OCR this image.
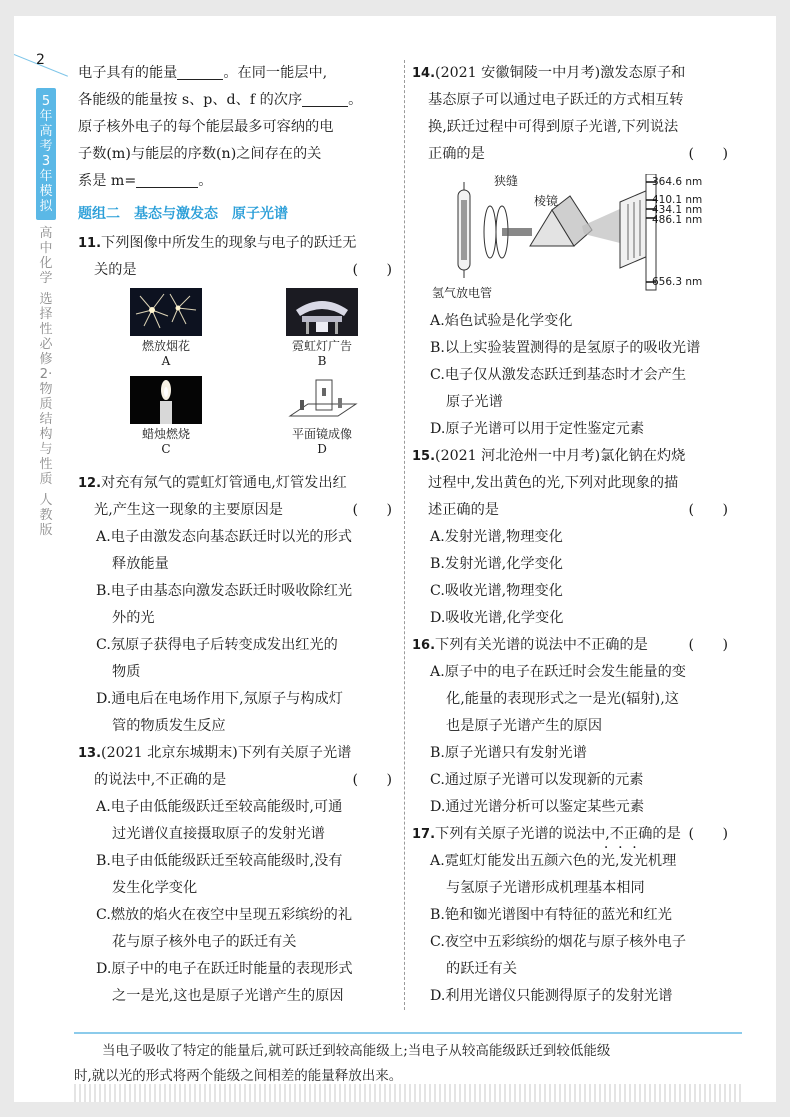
2
5年高考3年模拟
高中化学
选择性必修2·物质结构与性质
人教版

电子具有的能量	。在同一能层中,

各能级的能量按 s、p、d、f 的次序	。

原子核外电子的每个能层最多可容纳的电

子数(m)与能层的序数(n)之间存在的关

系是 m=	。

题组二　基态与激发态　原子光谱

11.下列图像中所发生的现象与电子的跃迁无

关的是	(　　)

燃放烟花
A
霓虹灯广告
B
蜡烛燃烧
C
平面镜成像
D

12.对充有氖气的霓虹灯管通电,灯管发出红

光,产生这一现象的主要原因是	(　　)

A.电子由激发态向基态跃迁时以光的形式

释放能量

B.电子由基态向激发态跃迁时吸收除红光

外的光

C.氖原子获得电子后转变成发出红光的

物质

D.通电后在电场作用下,氖原子与构成灯

管的物质发生反应

13.(2021 北京东城期末)下列有关原子光谱

的说法中,不正确的是	(　　)

A.电子由低能级跃迁至较高能级时,可通

过光谱仪直接摄取原子的发射光谱

B.电子由低能级跃迁至较高能级时,没有

发生化学变化

C.燃放的焰火在夜空中呈现五彩缤纷的礼

花与原子核外电子的跃迁有关

D.原子中的电子在跃迁时能量的表现形式

之一是光,这也是原子光谱产生的原因

14.(2021 安徽铜陵一中月考)激发态原子和

基态原子可以通过电子跃迁的方式相互转

换,跃迁过程中可得到原子光谱,下列说法

正确的是	(　　)

狭缝
棱镜
氢气放电管
364.6 nm
410.1 nm
434.1 nm
486.1 nm
656.3 nm

A.焰色试验是化学变化

B.以上实验装置测得的是氢原子的吸收光谱

C.电子仅从激发态跃迁到基态时才会产生

原子光谱

D.原子光谱可以用于定性鉴定元素

15.(2021 河北沧州一中月考)氯化钠在灼烧

过程中,发出黄色的光,下列对此现象的描

述正确的是	(　　)

A.发射光谱,物理变化

B.发射光谱,化学变化

C.吸收光谱,物理变化

D.吸收光谱,化学变化

16.下列有关光谱的说法中不正确的是	(　　)

A.原子中的电子在跃迁时会发生能量的变

化,能量的表现形式之一是光(辐射),这

也是原子光谱产生的原因

B.原子光谱只有发射光谱

C.通过原子光谱可以发现新的元素

D.通过光谱分析可以鉴定某些元素

17.下列有关原子光谱的说法中,不正确的是 (　　)

A.霓虹灯能发出五颜六色的光,发光机理

与氢原子光谱形成机理基本相同

B.铯和铷光谱图中有特征的蓝光和红光

C.夜空中五彩缤纷的烟花与原子核外电子

的跃迁有关

D.利用光谱仪只能测得原子的发射光谱

当电子吸收了特定的能量后,就可跃迁到较高能级上;当电子从较高能级跃迁到较低能级
时,就以光的形式将两个能级之间相差的能量释放出来。
